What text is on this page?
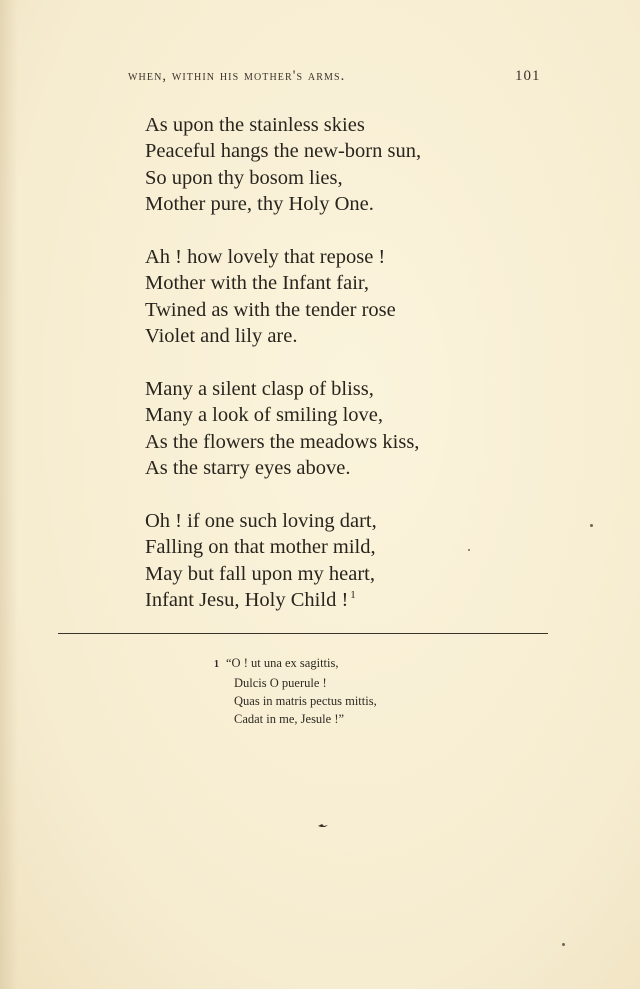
when, within his mother's arms.	101
As upon the stainless skies
Peaceful hangs the new-born sun,
So upon thy bosom lies,
Mother pure, thy Holy One.
Ah ! how lovely that repose !
Mother with the Infant fair,
Twined as with the tender rose
Violet and lily are.
Many a silent clasp of bliss,
Many a look of smiling love,
As the flowers the meadows kiss,
As the starry eyes above.
Oh ! if one such loving dart,
Falling on that mother mild,
May but fall upon my heart,
Infant Jesu, Holy Child ! $^1$
1 “O ! ut una ex sagittis,
Dulcis O puerule !
Quas in matris pectus mittis,
Cadat in me, Jesule !”
